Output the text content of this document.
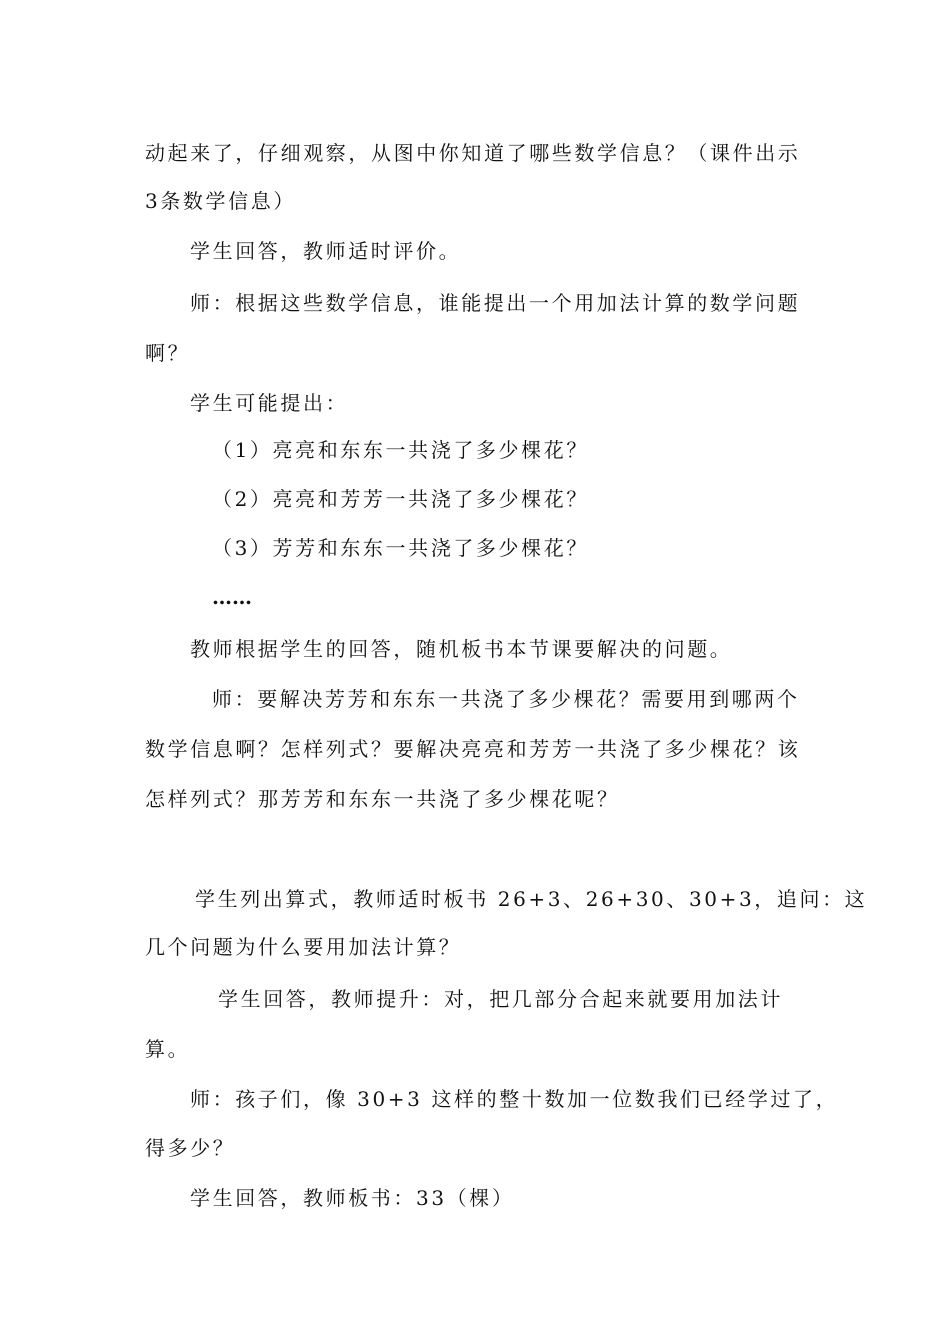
动起来了，仔细观察，从图中你知道了哪些数学信息？（课件出示
3条数学信息）
学生回答，教师适时评价。
师：根据这些数学信息，谁能提出一个用加法计算的数学问题
啊？
学生可能提出：
（1）亮亮和东东一共浇了多少棵花？
（2）亮亮和芳芳一共浇了多少棵花？
（3）芳芳和东东一共浇了多少棵花？
……
教师根据学生的回答，随机板书本节课要解决的问题。
师：要解决芳芳和东东一共浇了多少棵花？需要用到哪两个
数学信息啊？怎样列式？要解决亮亮和芳芳一共浇了多少棵花？该
怎样列式？那芳芳和东东一共浇了多少棵花呢？
学生列出算式，教师适时板书 26+3、26+30、30+3，追问：这
几个问题为什么要用加法计算？
学生回答，教师提升：对，把几部分合起来就要用加法计
算。
师：孩子们，像 30+3 这样的整十数加一位数我们已经学过了，
得多少？
学生回答，教师板书：33（棵）
